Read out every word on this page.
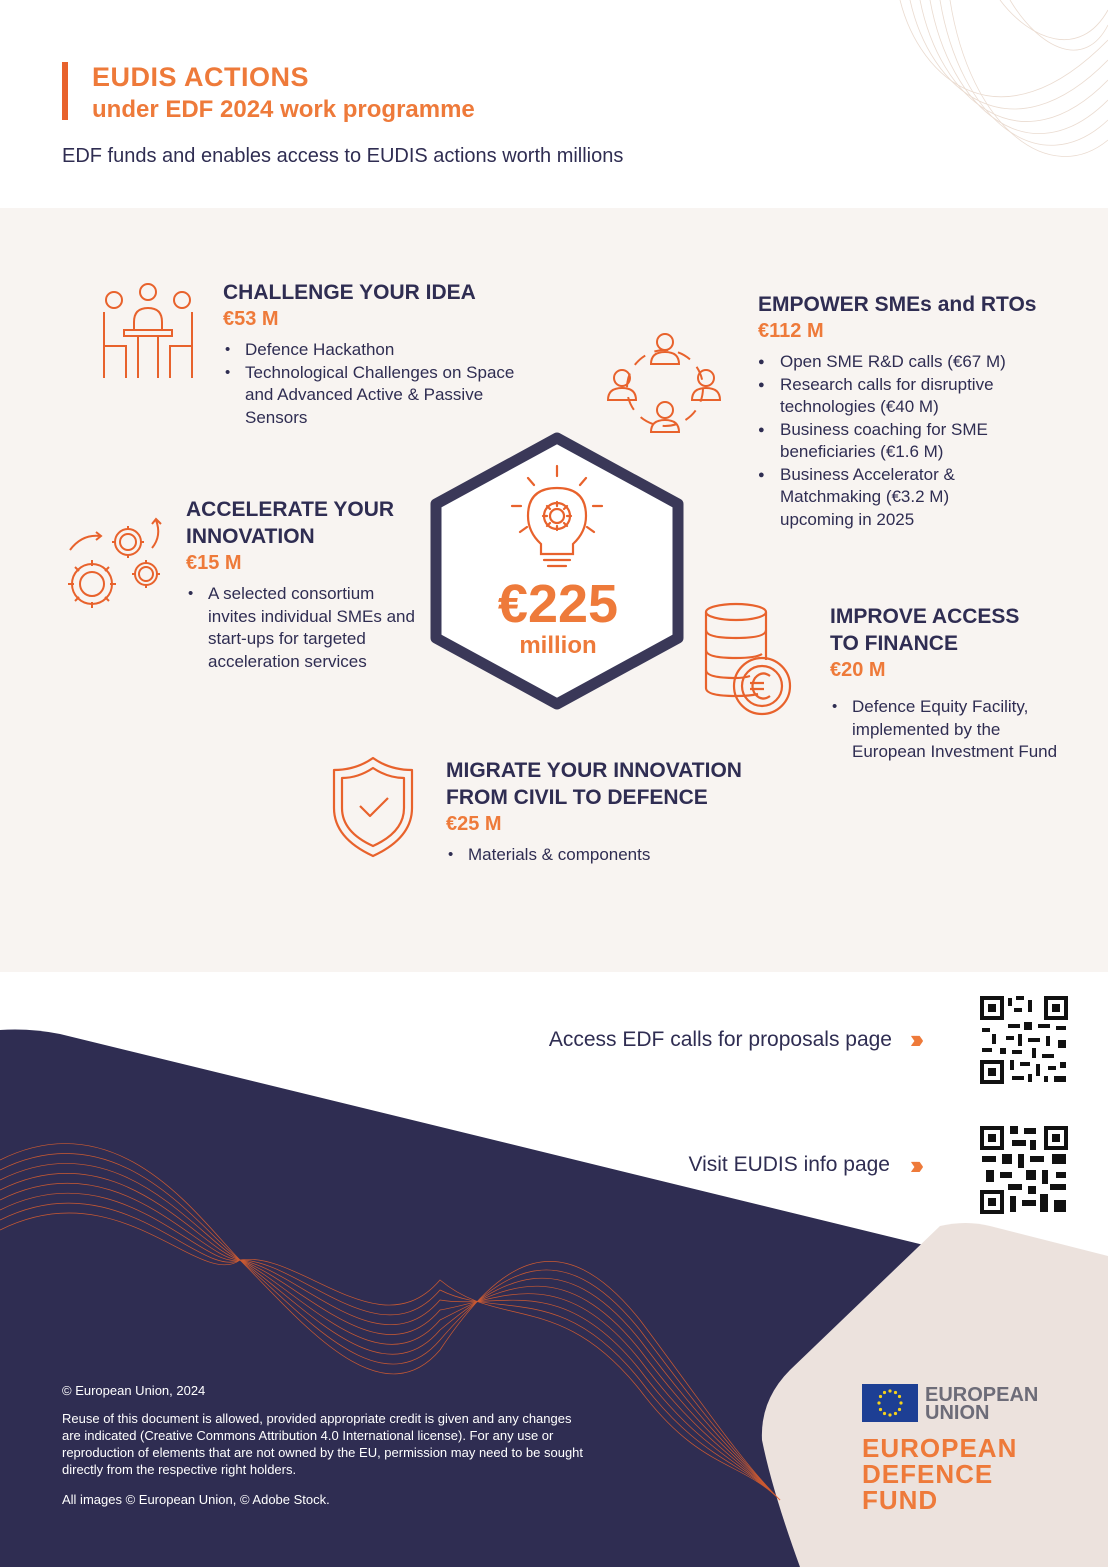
EUDIS ACTIONS
under EDF 2024 work programme
EDF funds and enables access to EUDIS actions worth millions
CHALLENGE YOUR IDEA
€53 M
• Defence Hackathon
• Technological Challenges on Space and Advanced Active & Passive Sensors
EMPOWER SMEs and RTOs
€112 M
● Open SME R&D calls (€67 M)
● Research calls for disruptive technologies (€40 M)
● Business coaching for SME beneficiaries (€1.6 M)
● Business Accelerator & Matchmaking (€3.2 M) upcoming in 2025
€225
million
ACCELERATE YOUR
INNOVATION
€15 M
• A selected consortium invites individual SMEs and start-ups for targeted acceleration services
IMPROVE ACCESS
TO FINANCE
€20 M
• Defence Equity Facility, implemented by the European Investment Fund
MIGRATE YOUR INNOVATION
FROM CIVIL TO DEFENCE
€25 M
• Materials & components
Access EDF calls for proposals page ›››
Visit EUDIS info page ›››
© European Union, 2024
Reuse of this document is allowed, provided appropriate credit is given and any changes are indicated (Creative Commons Attribution 4.0 International license). For any use or reproduction of elements that are not owned by the EU, permission may need to be sought directly from the respective right holders.
All images © European Union, © Adobe Stock.
EUROPEAN
UNION
EUROPEAN
DEFENCE
FUND
